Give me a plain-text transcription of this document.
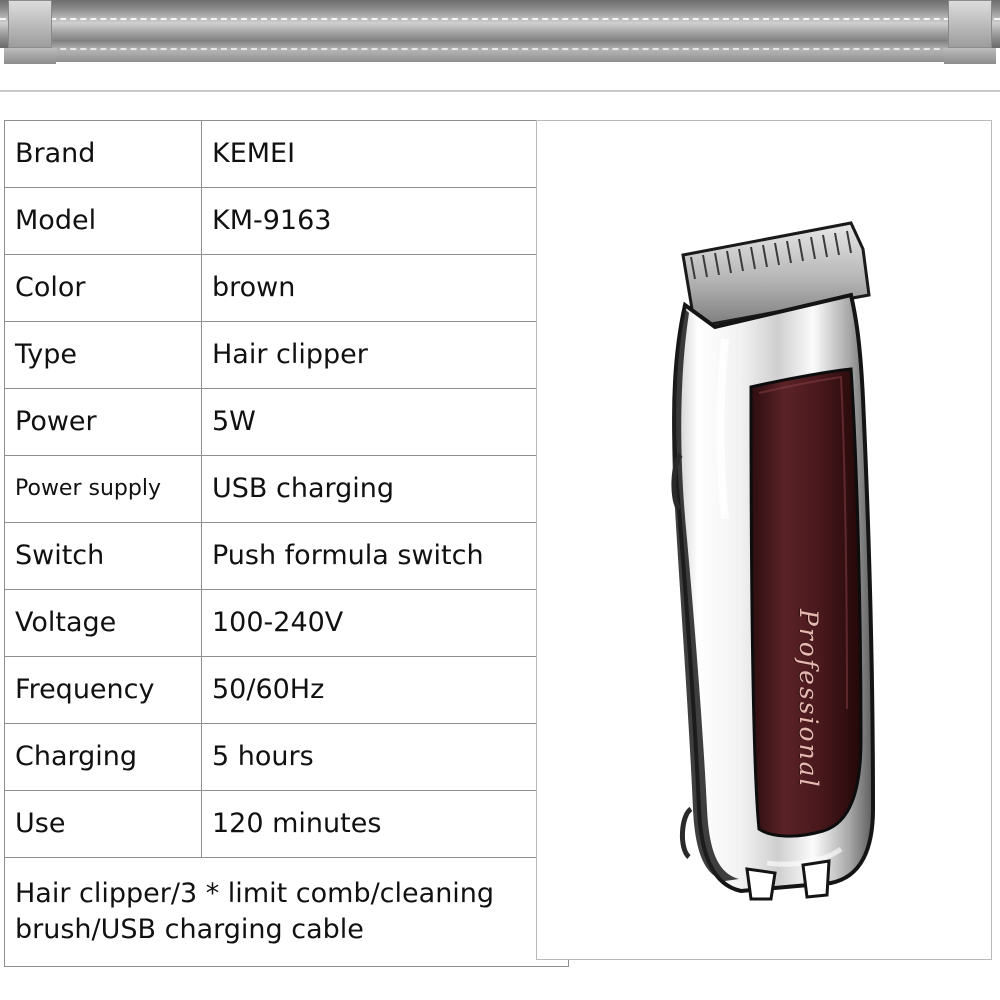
Brand	KEMEI
Model	KM-9163
Color	brown
Type	Hair clipper
Power	5W
Power supply	USB charging
Switch	Push formula switch
Voltage	100-240V
Frequency	50/60Hz
Charging	5 hours
Use	120 minutes
Hair clipper/3 * limit comb/cleaning brush/USB charging cable	
Professional
